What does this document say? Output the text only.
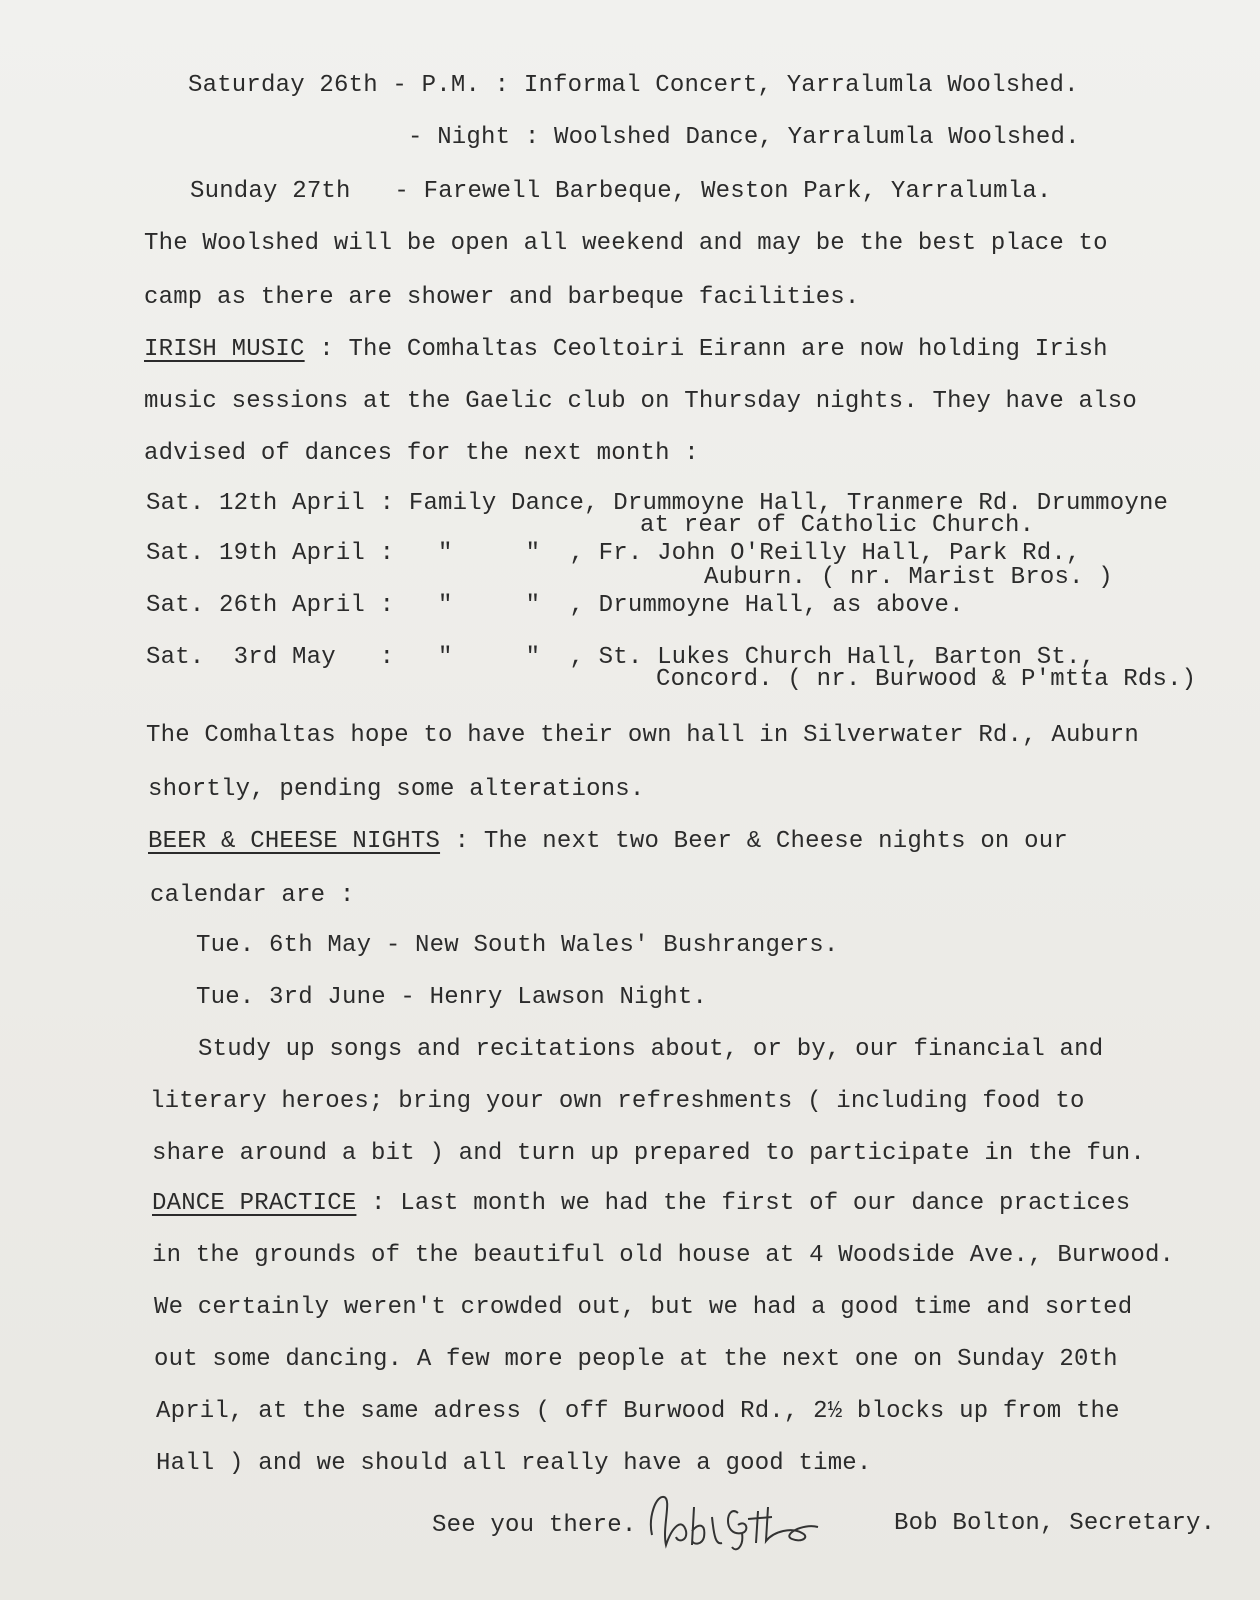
Saturday 26th - P.M. : Informal Concert, Yarralumla Woolshed.
- Night : Woolshed Dance, Yarralumla Woolshed.
Sunday 27th   - Farewell Barbeque, Weston Park, Yarralumla.
The Woolshed will be open all weekend and may be the best place to
camp as there are shower and barbeque facilities.
IRISH MUSIC : The Comhaltas Ceoltoiri Eirann are now holding Irish
music sessions at the Gaelic club on Thursday nights. They have also
advised of dances for the next month :
Sat. 12th April : Family Dance, Drummoyne Hall, Tranmere Rd. Drummoyne
at rear of Catholic Church.
Sat. 19th April :   "     "  , Fr. John O'Reilly Hall, Park Rd.,
Auburn. ( nr. Marist Bros. )
Sat. 26th April :   "     "  , Drummoyne Hall, as above.
Sat.  3rd May   :   "     "  , St. Lukes Church Hall, Barton St.,
Concord. ( nr. Burwood & P'mtta Rds.)
The Comhaltas hope to have their own hall in Silverwater Rd., Auburn
shortly, pending some alterations.
BEER & CHEESE NIGHTS : The next two Beer & Cheese nights on our
calendar are :
Tue. 6th May - New South Wales' Bushrangers.
Tue. 3rd June - Henry Lawson Night.
Study up songs and recitations about, or by, our financial and
literary heroes; bring your own refreshments ( including food to
share around a bit ) and turn up prepared to participate in the fun.
DANCE PRACTICE : Last month we had the first of our dance practices
in the grounds of the beautiful old house at 4 Woodside Ave., Burwood.
We certainly weren't crowded out, but we had a good time and sorted
out some dancing. A few more people at the next one on Sunday 20th
April, at the same adress ( off Burwood Rd., 2½ blocks up from the
Hall ) and we should all really have a good time.
See you there.	Bob Bolton, Secretary.
